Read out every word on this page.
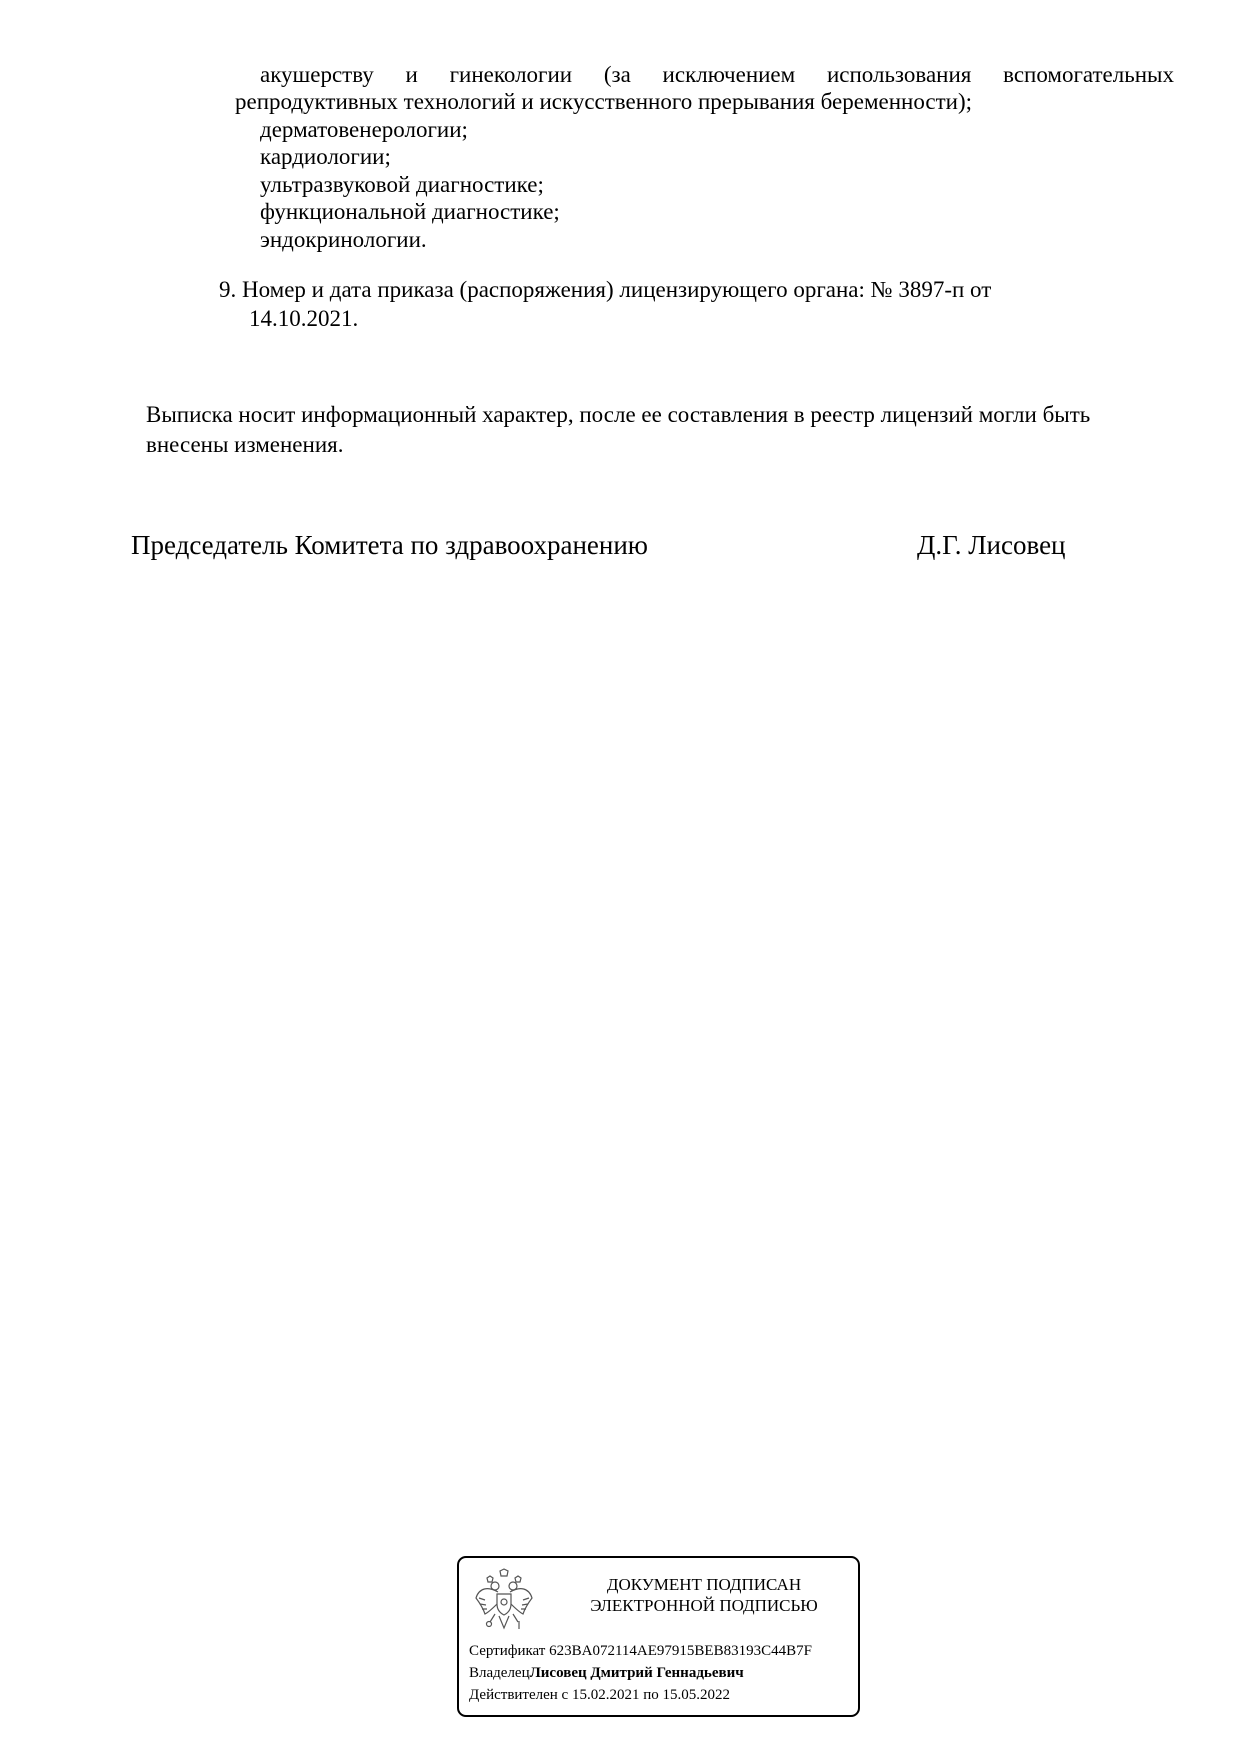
акушерству и гинекологии (за исключением использования вспомогательных
репродуктивных технологий и искусственного прерывания беременности);
дерматовенерологии;
кардиологии;
ультразвуковой диагностике;
функциональной диагностике;
эндокринологии.
9. Номер и дата приказа (распоряжения) лицензирующего органа: № 3897-п от
14.10.2021.
Выписка носит информационный характер, после ее составления в реестр лицензий могли быть
внесены изменения.
Председатель Комитета по здравоохранению	Д.Г. Лисовец
ДОКУМЕНТ ПОДПИСАН
ЭЛЕКТРОННОЙ ПОДПИСЬЮ
Сертификат 623BA072114AE97915BEB83193C44B7F
ВладелецЛисовец Дмитрий Геннадьевич
Действителен с 15.02.2021 по 15.05.2022
